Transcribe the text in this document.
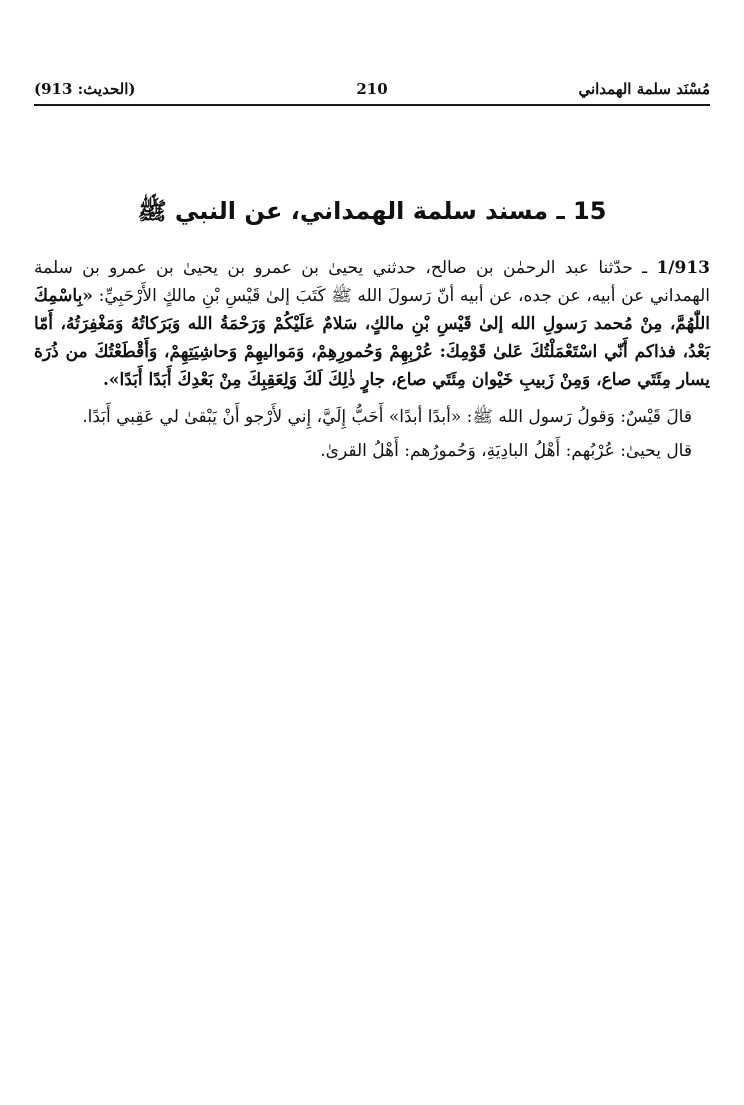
مُسْنَد سلمة الهمداني
210
(الحديث: 913)
15 ـ مسند سلمة الهمداني، عن النبي ﷺ

1/913 ـ حدّثنا عبد الرحمٰن بن صالح، حدثني يحيىٰ بن عمرو بن يحيىٰ بن عمرو بن سلمة الهمداني عن أبيه، عن جده، عن أبيه أنّ رَسولَ الله ﷺ كَتَبَ إلىٰ قَيْسِ بْنِ مالكٍ الأَرْحَبِيِّ: «بِاسْمِكَ اللّٰهُمَّ، مِنْ مُحمد رَسولِ الله إلىٰ قَيْسِ بْنِ مالكٍ، سَلامٌ عَلَيْكُمْ وَرَحْمَةُ الله وَبَرَكاتُهُ وَمَغْفِرَتُهُ، أَمّا بَعْدُ، فذاكم أَنّي اسْتَعْمَلْتُكَ عَلىٰ قَوْمِكَ: عُرْبِهِمْ وَحُمورِهِمْ، وَمَواليهِمْ وَحاشِيَتِهِمْ، وَأَقْطَعْتُكَ من ذُرَة يسار مِئَتَي صاع، وَمِنْ زَبيبِ خَيْوان مِئَتَي صاع، جارٍ ذٰلِكَ لَكَ وَلِعَقِبِكَ مِنْ بَعْدِكَ أَبَدًا أَبَدًا».

قالَ قَيْسٌ: وَقولُ رَسول الله ﷺ: «أبدًا أبدًا» أَحَبُّ إِلَيَّ، إِني لأَرْجو أَنْ يَبْقىٰ لي عَقِبي أَبَدًا.

قال يحيىٰ: عُرْبُهم: أَهْلُ البادِيَةِ، وَحُمورُهم: أَهْلُ القرىٰ.
